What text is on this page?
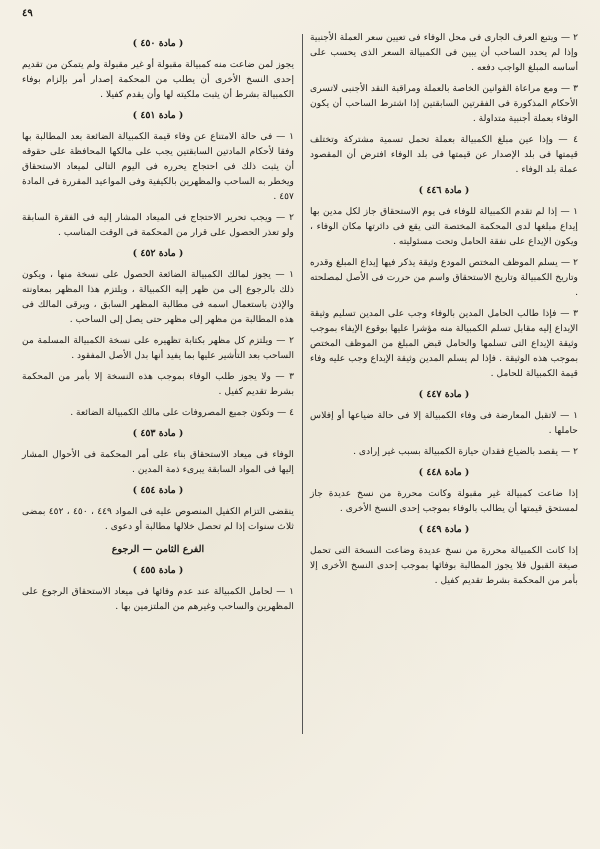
٤٩
٢ — ويتبع العرف الجارى فى محل الوفاء فى تعيين سعر العملة الأجنبية وإذا لم يحدد الساحب أن يبين فى الكمبيالة السعر الذى يحسب على أساسه المبلغ الواجب دفعه .
٣ — ومع مراعاة القوانين الخاصة بالعملة ومراقبة النقد الأجنبى لاتسرى الأحكام المذكورة فى الفقرتين السابقتين إذا اشترط الساحب أن يكون الوفاء بعملة أجنبية متداولة .
٤ — وإذا عين مبلغ الكمبيالة بعملة تحمل تسمية مشتركة وتختلف قيمتها فى بلد الإصدار عن قيمتها فى بلد الوفاء افترض أن المقصود عملة بلد الوفاء .
( مادة ٤٤٦ )
١ — إذا لم تقدم الكمبيالة للوفاء فى يوم الاستحقاق جاز لكل مدين بها إيداع مبلغها لدى المحكمة المختصة التى يقع فى دائرتها مكان الوفاء ، ويكون الإيداع على نفقة الحامل وتحت مسئوليته .
٢ — يسلم الموظف المختص المودع وثيقة يذكر فيها إيداع المبلغ وقدره وتاريخ الكمبيالة وتاريخ الاستحقاق واسم من حررت فى الأصل لمصلحته .
٣ — فإذا طالب الحامل المدين بالوفاء وجب على المدين تسليم وثيقة الإيداع إليه مقابل تسلم الكمبيالة منه مؤشرا عليها بوقوع الإيفاء بموجب وثيقة الإيداع التى تسلمها والحامل قبض المبلغ من الموظف المختص بموجب هذه الوثيقة . فإذا لم يسلم المدين وثيقة الإيداع وجب عليه وفاء قيمة الكمبيالة للحامل .
( مادة ٤٤٧ )
١ — لاتقبل المعارضة فى وفاء الكمبيالة إلا فى حالة ضياعها أو إفلاس حاملها .
٢ — يقصد بالضياع فقدان حيازة الكمبيالة بسبب غير إرادى .
( مادة ٤٤٨ )
إذا ضاعت كمبيالة غير مقبولة وكانت محررة من نسخ عديدة جاز لمستحق قيمتها أن يطالب بالوفاء بموجب إحدى النسخ الأخرى .
( مادة ٤٤٩ )
إذا كانت الكمبيالة محررة من نسخ عديدة وضاعت النسخة التى تحمل صيغة القبول فلا يجوز المطالبة بوفائها بموجب إحدى النسخ الأخرى إلا بأمر من المحكمة بشرط تقديم كفيل .
( مادة ٤٥٠ )
يجوز لمن ضاعت منه كمبيالة مقبولة أو غير مقبولة ولم يتمكن من تقديم إحدى النسخ الأخرى أن يطلب من المحكمة إصدار أمر بإلزام بوفاء الكمبيالة بشرط أن يثبت ملكيته لها وأن يقدم كفيلا .
( مادة ٤٥١ )
١ — فى حالة الامتناع عن وفاء قيمة الكمبيالة الضائعة بعد المطالبة بها وفقا لأحكام المادتين السابقتين يجب على مالكها المحافظة على حقوقه أن يثبت ذلك فى احتجاج يحرره فى اليوم التالى لميعاد الاستحقاق ويخطر به الساحب والمظهرين بالكيفية وفى المواعيد المقررة فى المادة ٤٥٧ .
٢ — ويجب تحرير الاحتجاج فى الميعاد المشار إليه فى الفقرة السابقة ولو تعذر الحصول على قرار من المحكمة فى الوقت المناسب .
( مادة ٤٥٢ )
١ — يجوز لمالك الكمبيالة الضائعة الحصول على نسخة منها ، ويكون ذلك بالرجوع إلى من ظهر إليه الكمبيالة ، ويلتزم هذا المظهر بمعاونته والإذن باستعمال اسمه فى مطالبة المظهر السابق ، ويرقى المالك فى هذه المطالبة من مظهر إلى مظهر حتى يصل إلى الساحب .
٢ — ويلتزم كل مظهر بكتابة تظهيره على نسخة الكمبيالة المسلمة من الساحب بعد التأشير عليها بما يفيد أنها بدل الأصل المفقود .
٣ — ولا يجوز طلب الوفاء بموجب هذه النسخة إلا بأمر من المحكمة بشرط تقديم كفيل .
٤ — وتكون جميع المصروفات على مالك الكمبيالة الضائعة .
( مادة ٤٥٣ )
الوفاء فى ميعاد الاستحقاق بناء على أمر المحكمة فى الأحوال المشار إليها فى المواد السابقة يبرىء ذمة المدين .
( مادة ٤٥٤ )
ينقضى التزام الكفيل المنصوص عليه فى المواد ٤٤٩ ، ٤٥٠ ، ٤٥٢ بمضى ثلاث سنوات إذا لم تحصل خلالها مطالبة أو دعوى .
الفرع الثامن — الرجوع
( مادة ٤٥٥ )
١ — لحامل الكمبيالة عند عدم وفائها فى ميعاد الاستحقاق الرجوع على المظهرين والساحب وغيرهم من الملتزمين بها .
